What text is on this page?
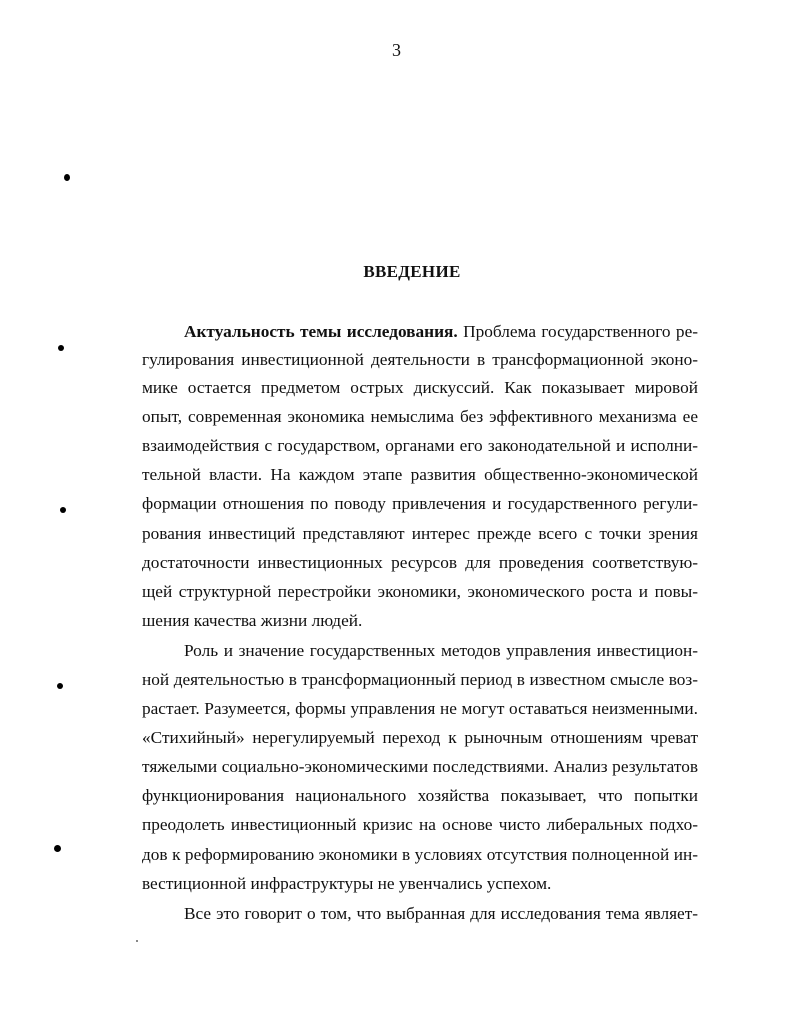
3
ВВЕДЕНИЕ
Актуальность темы исследования. Проблема государственного ре-
гулирования инвестиционной деятельности в трансформационной эконо-
мике остается предметом острых дискуссий. Как показывает мировой
опыт, современная экономика немыслима без эффективного механизма ее
взаимодействия с государством, органами его законодательной и исполни-
тельной власти. На каждом этапе развития общественно-экономической
формации отношения по поводу привлечения и государственного регули-
рования инвестиций представляют интерес прежде всего с точки зрения
достаточности инвестиционных ресурсов для проведения соответствую-
щей структурной перестройки экономики, экономического роста и повы-
шения качества жизни людей.
Роль и значение государственных методов управления инвестицион-
ной деятельностью в трансформационный период в известном смысле воз-
растает. Разумеется, формы управления не могут оставаться неизменными.
«Стихийный» нерегулируемый переход к рыночным отношениям чреват
тяжелыми социально-экономическими последствиями. Анализ результатов
функционирования национального хозяйства показывает, что попытки
преодолеть инвестиционный кризис на основе чисто либеральных подхо-
дов к реформированию экономики в условиях отсутствия полноценной ин-
вестиционной инфраструктуры не увенчались успехом.
Все это говорит о том, что выбранная для исследования тема являет-
